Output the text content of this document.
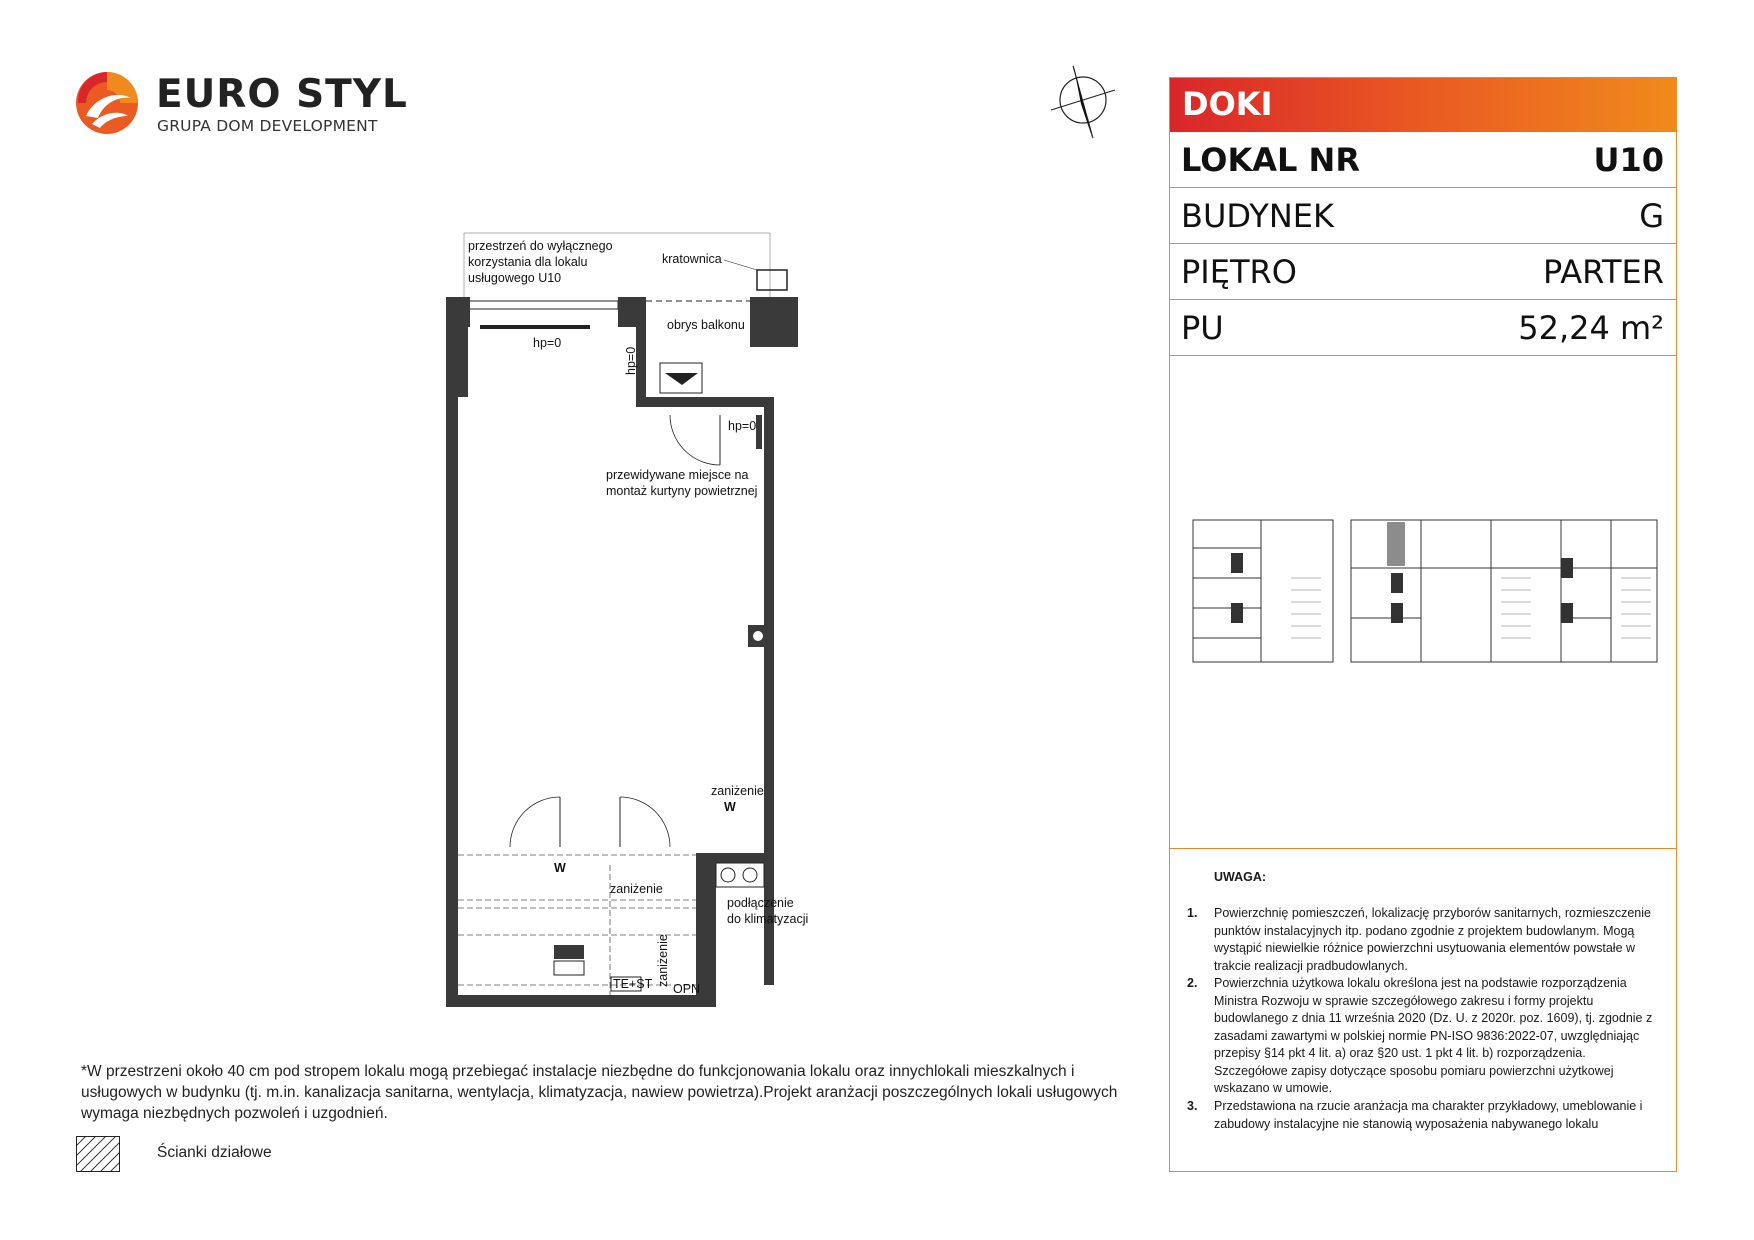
EURO STYL
GRUPA DOM DEVELOPMENT
przestrzeń do wyłącznego
korzystania dla lokalu
usługowego U10
kratownica
obrys balkonu
hp=0
hp=0
hp=0
przewidywane miejsce na
montaż kurtyny powietrznej
zaniżenie
zaniżenie
zaniżenie
W
W
podłączenie
do klimatyzacji
TE+ST OPN
DOKI
LOKAL NR	U10
BUDYNEK	G
PIĘTRO	PARTER
PU	52,24 m²
UWAGA:
1. Powierzchnię pomieszczeń, lokalizację przyborów sanitarnych, rozmieszczenie punktów instalacyjnych itp. podano zgodnie z projektem budowlanym. Mogą wystąpić niewielkie różnice powierzchni usytuowania elementów powstałe w trakcie realizacji pradbudowlanych.
2. Powierzchnia użytkowa lokalu określona jest na podstawie rozporządzenia Ministra Rozwoju w sprawie szczegółowego zakresu i formy projektu budowlanego z dnia 11 września 2020 (Dz. U. z 2020r. poz. 1609), tj. zgodnie z zasadami zawartymi w polskiej normie PN-ISO 9836:2022-07, uwzględniając przepisy §14 pkt 4 lit. a) oraz §20 ust. 1 pkt 4 lit. b) rozporządzenia. Szczegółowe zapisy dotyczące sposobu pomiaru powierzchni użytkowej wskazano w umowie.
3. Przedstawiona na rzucie aranżacja ma charakter przykładowy, umeblowanie i zabudowy instalacyjne nie stanowią wyposażenia nabywanego lokalu
*W przestrzeni około 40 cm pod stropem lokalu mogą przebiegać instalacje niezbędne do funkcjonowania lokalu oraz innychlokali mieszkalnych i usługowych w budynku (tj. m.in. kanalizacja sanitarna, wentylacja, klimatyzacja, nawiew powietrza).Projekt aranżacji poszczególnych lokali usługowych wymaga niezbędnych pozwoleń i uzgodnień.
Ścianki działowe
